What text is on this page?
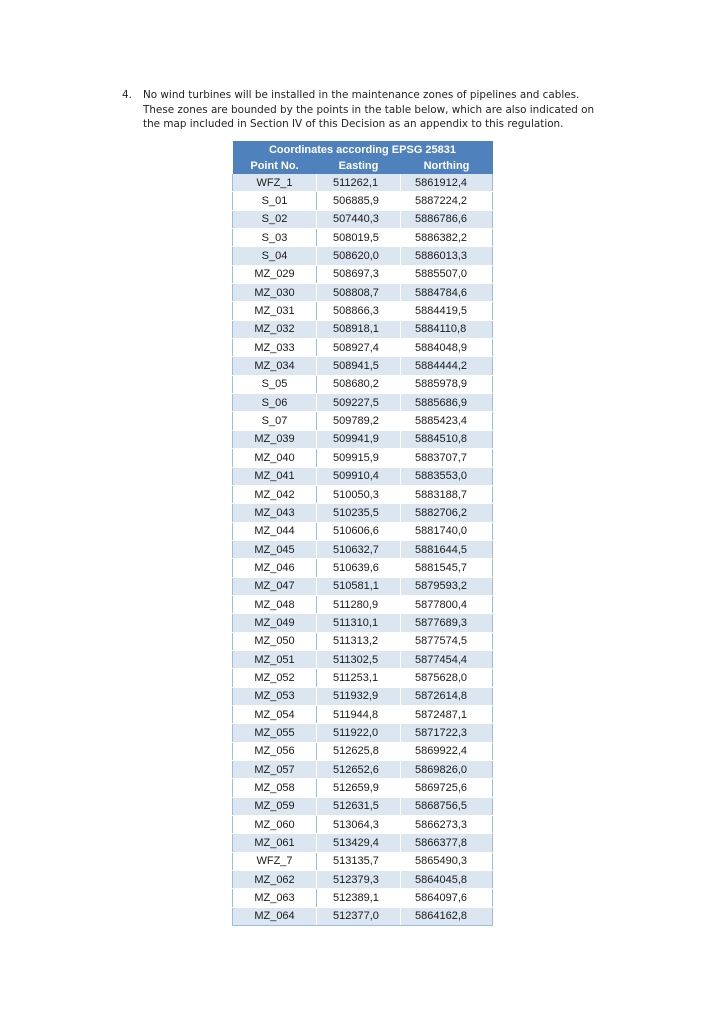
4. No wind turbines will be installed in the maintenance zones of pipelines and cables.
These zones are bounded by the points in the table below, which are also indicated on
the map included in Section IV of this Decision as an appendix to this regulation.
Coordinates according EPSG 25831		
Point No.	Easting	Northing
WFZ_1	511262,1	5861912,4
S_01	506885,9	5887224,2
S_02	507440,3	5886786,6
S_03	508019,5	5886382,2
S_04	508620,0	5886013,3
MZ_029	508697,3	5885507,0
MZ_030	508808,7	5884784,6
MZ_031	508866,3	5884419,5
MZ_032	508918,1	5884110,8
MZ_033	508927,4	5884048,9
MZ_034	508941,5	5884444,2
S_05	508680,2	5885978,9
S_06	509227,5	5885686,9
S_07	509789,2	5885423,4
MZ_039	509941,9	5884510,8
MZ_040	509915,9	5883707,7
MZ_041	509910,4	5883553,0
MZ_042	510050,3	5883188,7
MZ_043	510235,5	5882706,2
MZ_044	510606,6	5881740,0
MZ_045	510632,7	5881644,5
MZ_046	510639,6	5881545,7
MZ_047	510581,1	5879593,2
MZ_048	511280,9	5877800,4
MZ_049	511310,1	5877689,3
MZ_050	511313,2	5877574,5
MZ_051	511302,5	5877454,4
MZ_052	511253,1	5875628,0
MZ_053	511932,9	5872614,8
MZ_054	511944,8	5872487,1
MZ_055	511922,0	5871722,3
MZ_056	512625,8	5869922,4
MZ_057	512652,6	5869826,0
MZ_058	512659,9	5869725,6
MZ_059	512631,5	5868756,5
MZ_060	513064,3	5866273,3
MZ_061	513429,4	5866377,8
WFZ_7	513135,7	5865490,3
MZ_062	512379,3	5864045,8
MZ_063	512389,1	5864097,6
MZ_064	512377,0	5864162,8
